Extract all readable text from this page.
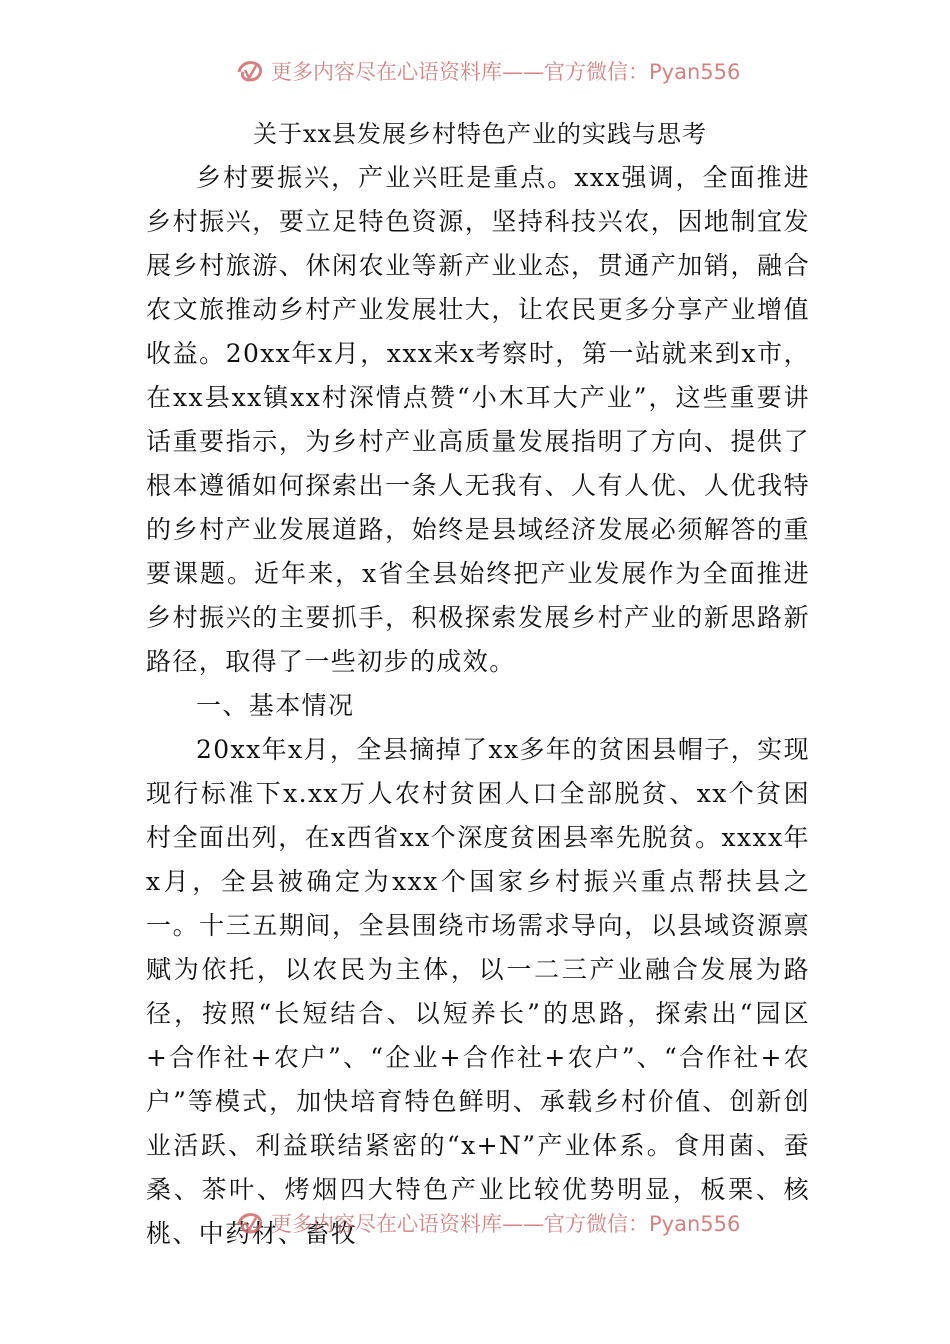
更多内容尽在心语资料库——官方微信：Pyan556
关于xx县发展乡村特色产业的实践与思考

乡村要振兴，产业兴旺是重点。xxx强调，全面推进乡村振兴，要立足特色资源，坚持科技兴农，因地制宜发展乡村旅游、休闲农业等新产业业态，贯通产加销，融合农文旅推动乡村产业发展壮大，让农民更多分享产业增值收益。20xx年x月，xxx来x考察时，第一站就来到x市，在xx县xx镇xx村深情点赞“小木耳大产业”，这些重要讲话重要指示，为乡村产业高质量发展指明了方向、提供了根本遵循如何探索出一条人无我有、人有人优、人优我特的乡村产业发展道路，始终是县域经济发展必须解答的重要课题。近年来，x省全县始终把产业发展作为全面推进乡村振兴的主要抓手，积极探索发展乡村产业的新思路新路径，取得了一些初步的成效。

一、基本情况

20xx年x月，全县摘掉了xx多年的贫困县帽子，实现现行标准下x.xx万人农村贫困人口全部脱贫、xx个贫困村全面出列，在x西省xx个深度贫困县率先脱贫。xxxx年x月，全县被确定为xxx个国家乡村振兴重点帮扶县之一。十三五期间，全县围绕市场需求导向，以县域资源禀赋为依托，以农民为主体，以一二三产业融合发展为路径，按照“长短结合、以短养长”的思路，探索出“园区+合作社+农户”、“企业+合作社+农户”、“合作社+农户”等模式，加快培育特色鲜明、承载乡村价值、创新创业活跃、利益联结紧密的“x+N”产业体系。食用菌、蚕桑、茶叶、烤烟四大特色产业比较优势明显，板栗、核桃、中药材、畜牧

更多内容尽在心语资料库——官方微信：Pyan556
